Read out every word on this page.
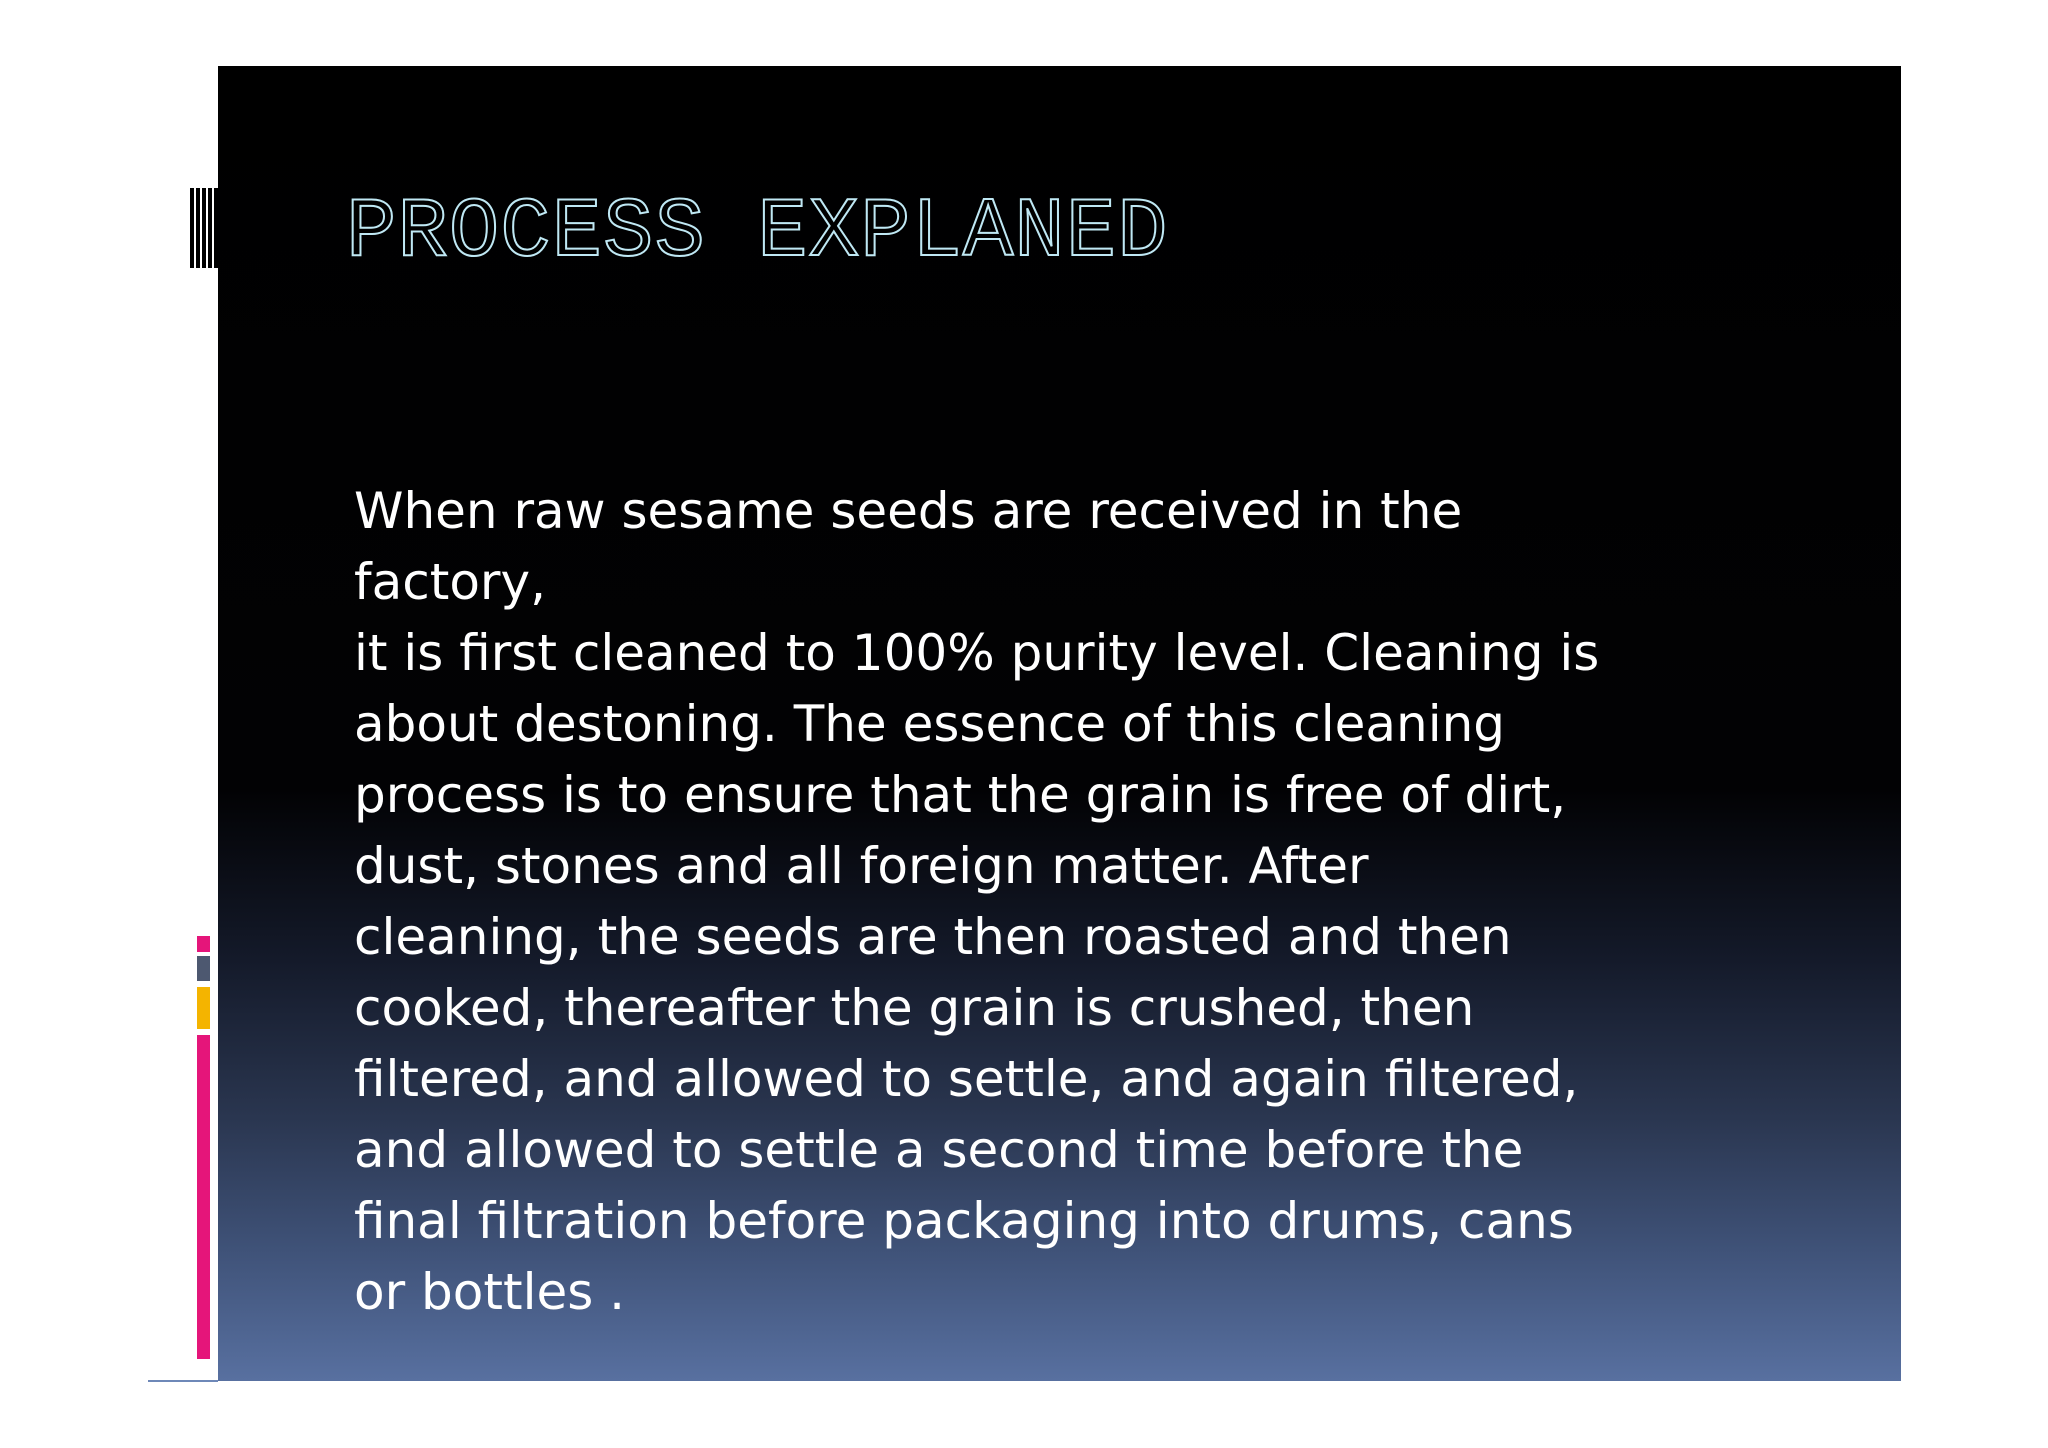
PROCESS EXPLANED

When raw sesame seeds are received in the factory,
it is first cleaned to 100% purity level. Cleaning is
about destoning. The essence of this cleaning
process is to ensure that the grain is free of dirt,
dust, stones and all foreign matter. After
cleaning, the seeds are then roasted and then
cooked, thereafter the grain is crushed, then
filtered, and allowed to settle, and again filtered,
and allowed to settle a second time before the
final filtration before packaging into drums, cans
or bottles .
